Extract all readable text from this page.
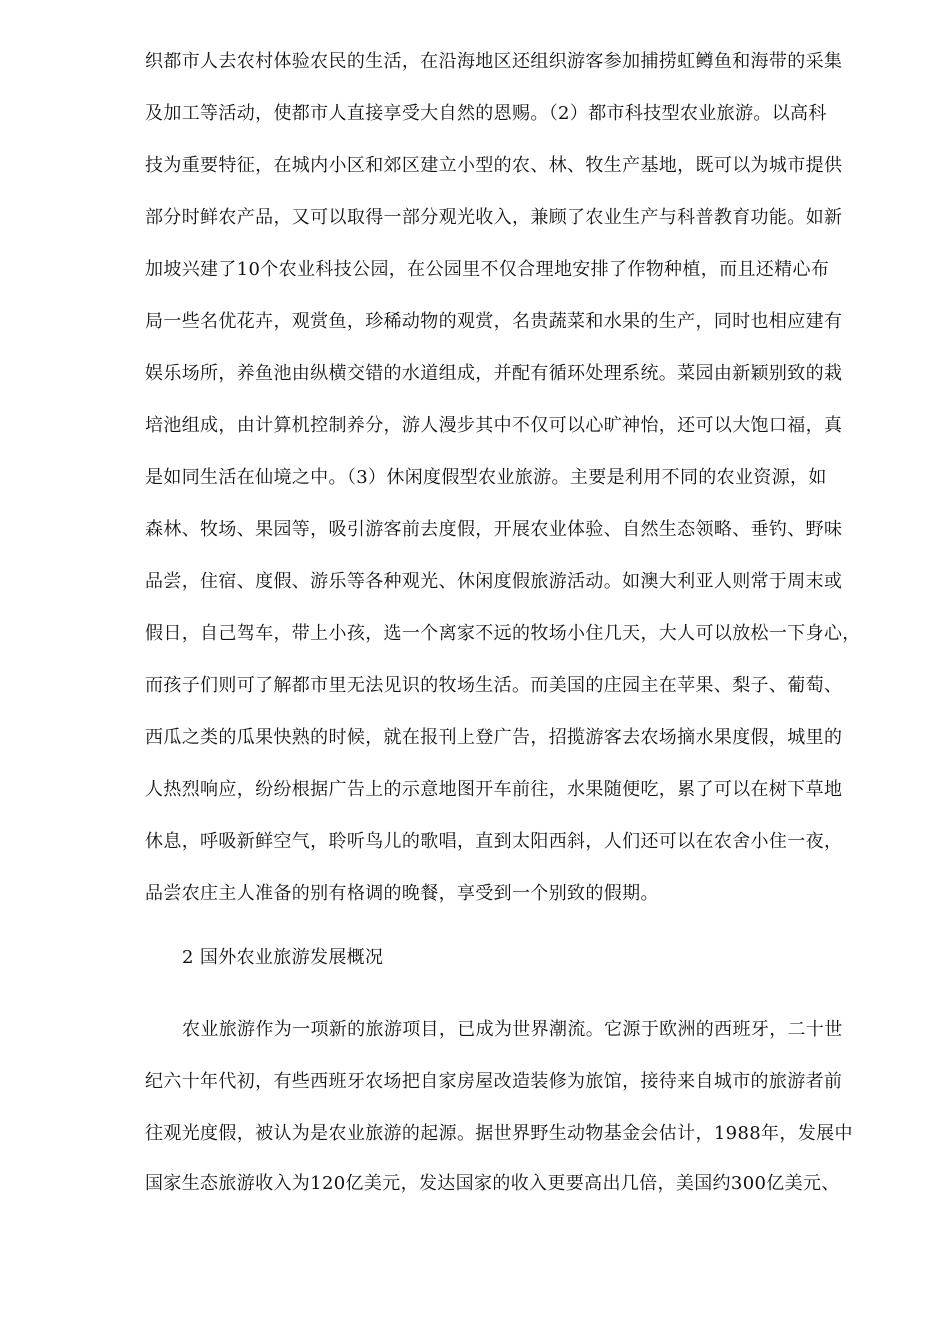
织都市人去农村体验农民的生活，在沿海地区还组织游客参加捕捞虹鳟鱼和海带的采集
及加工等活动，使都市人直接享受大自然的恩赐。（2）都市科技型农业旅游。以高科
技为重要特征，在城内小区和郊区建立小型的农、林、牧生产基地，既可以为城市提供
部分时鲜农产品，又可以取得一部分观光收入，兼顾了农业生产与科普教育功能。如新
加坡兴建了10个农业科技公园，在公园里不仅合理地安排了作物种植，而且还精心布
局一些名优花卉，观赏鱼，珍稀动物的观赏，名贵蔬菜和水果的生产，同时也相应建有
娱乐场所，养鱼池由纵横交错的水道组成，并配有循环处理系统。菜园由新颖别致的栽
培池组成，由计算机控制养分，游人漫步其中不仅可以心旷神怡，还可以大饱口福，真
是如同生活在仙境之中。（3）休闲度假型农业旅游。主要是利用不同的农业资源，如
森林、牧场、果园等，吸引游客前去度假，开展农业体验、自然生态领略、垂钓、野味
品尝，住宿、度假、游乐等各种观光、休闲度假旅游活动。如澳大利亚人则常于周末或
假日，自己驾车，带上小孩，选一个离家不远的牧场小住几天，大人可以放松一下身心，
而孩子们则可了解都市里无法见识的牧场生活。而美国的庄园主在苹果、梨子、葡萄、
西瓜之类的瓜果快熟的时候，就在报刊上登广告，招揽游客去农场摘水果度假，城里的
人热烈响应，纷纷根据广告上的示意地图开车前往，水果随便吃，累了可以在树下草地
休息，呼吸新鲜空气，聆听鸟儿的歌唱，直到太阳西斜，人们还可以在农舍小住一夜，
品尝农庄主人准备的别有格调的晚餐，享受到一个别致的假期。
2 国外农业旅游发展概况
农业旅游作为一项新的旅游项目，已成为世界潮流。它源于欧洲的西班牙，二十世
纪六十年代初，有些西班牙农场把自家房屋改造装修为旅馆，接待来自城市的旅游者前
往观光度假，被认为是农业旅游的起源。据世界野生动物基金会估计，1988年，发展中
国家生态旅游收入为120亿美元，发达国家的收入更要高出几倍，美国约300亿美元、
